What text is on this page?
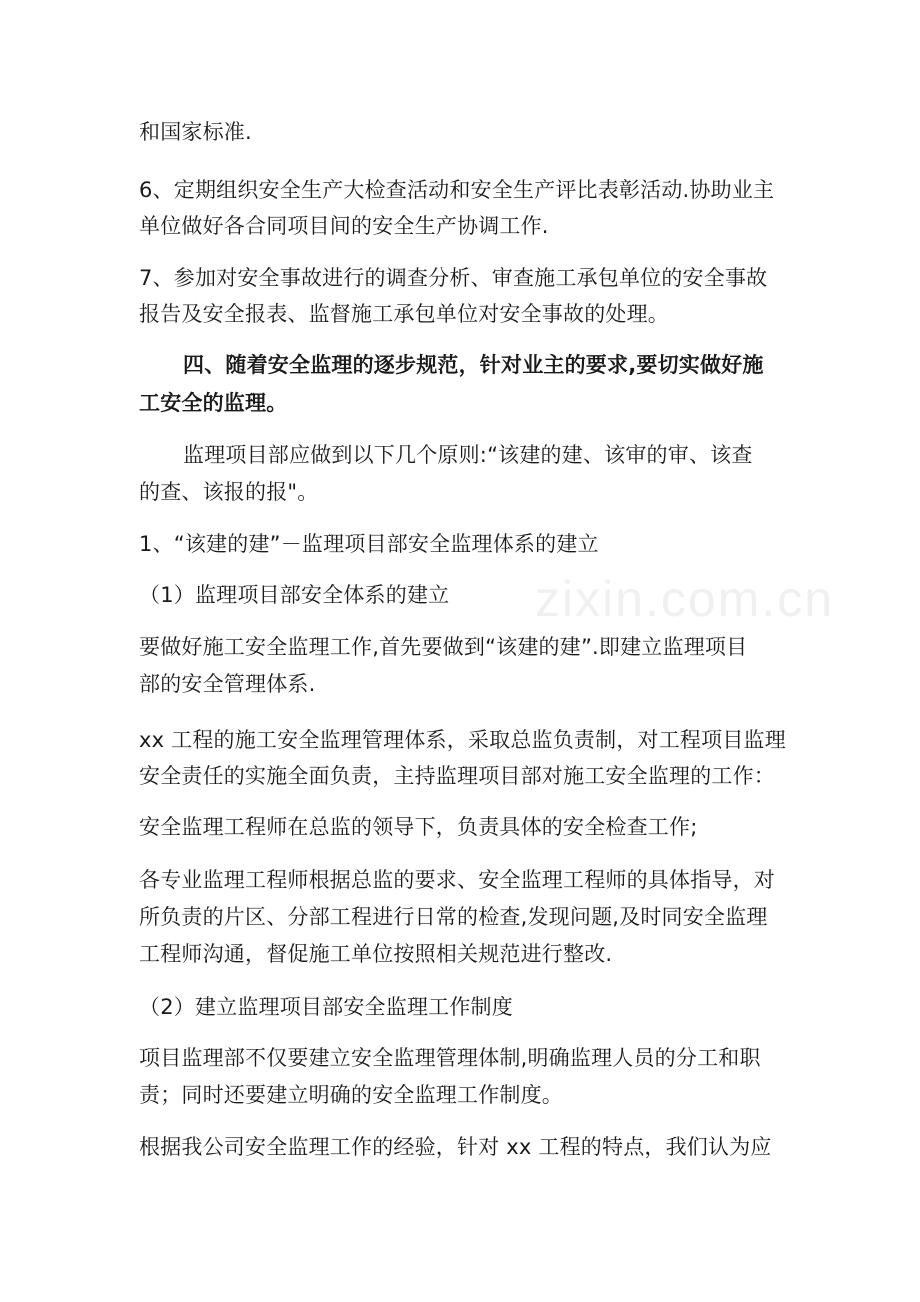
和国家标准.
6、定期组织安全生产大检查活动和安全生产评比表彰活动.协助业主
单位做好各合同项目间的安全生产协调工作.
7、参加对安全事故进行的调查分析、审查施工承包单位的安全事故
报告及安全报表、监督施工承包单位对安全事故的处理。
四、随着安全监理的逐步规范，针对业主的要求,要切实做好施
工安全的监理。
监理项目部应做到以下几个原则:“该建的建、该审的审、该查
的查、该报的报"。
1、“该建的建”－监理项目部安全监理体系的建立
（1）监理项目部安全体系的建立
要做好施工安全监理工作,首先要做到“该建的建”.即建立监理项目
部的安全管理体系.
xx 工程的施工安全监理管理体系，采取总监负责制，对工程项目监理
安全责任的实施全面负责，主持监理项目部对施工安全监理的工作：
安全监理工程师在总监的领导下，负责具体的安全检查工作;
各专业监理工程师根据总监的要求、安全监理工程师的具体指导，对
所负责的片区、分部工程进行日常的检查,发现问题,及时同安全监理
工程师沟通，督促施工单位按照相关规范进行整改.
（2）建立监理项目部安全监理工作制度
项目监理部不仅要建立安全监理管理体制,明确监理人员的分工和职
责；同时还要建立明确的安全监理工作制度。
根据我公司安全监理工作的经验，针对 xx 工程的特点，我们认为应
zixin.com.cn
